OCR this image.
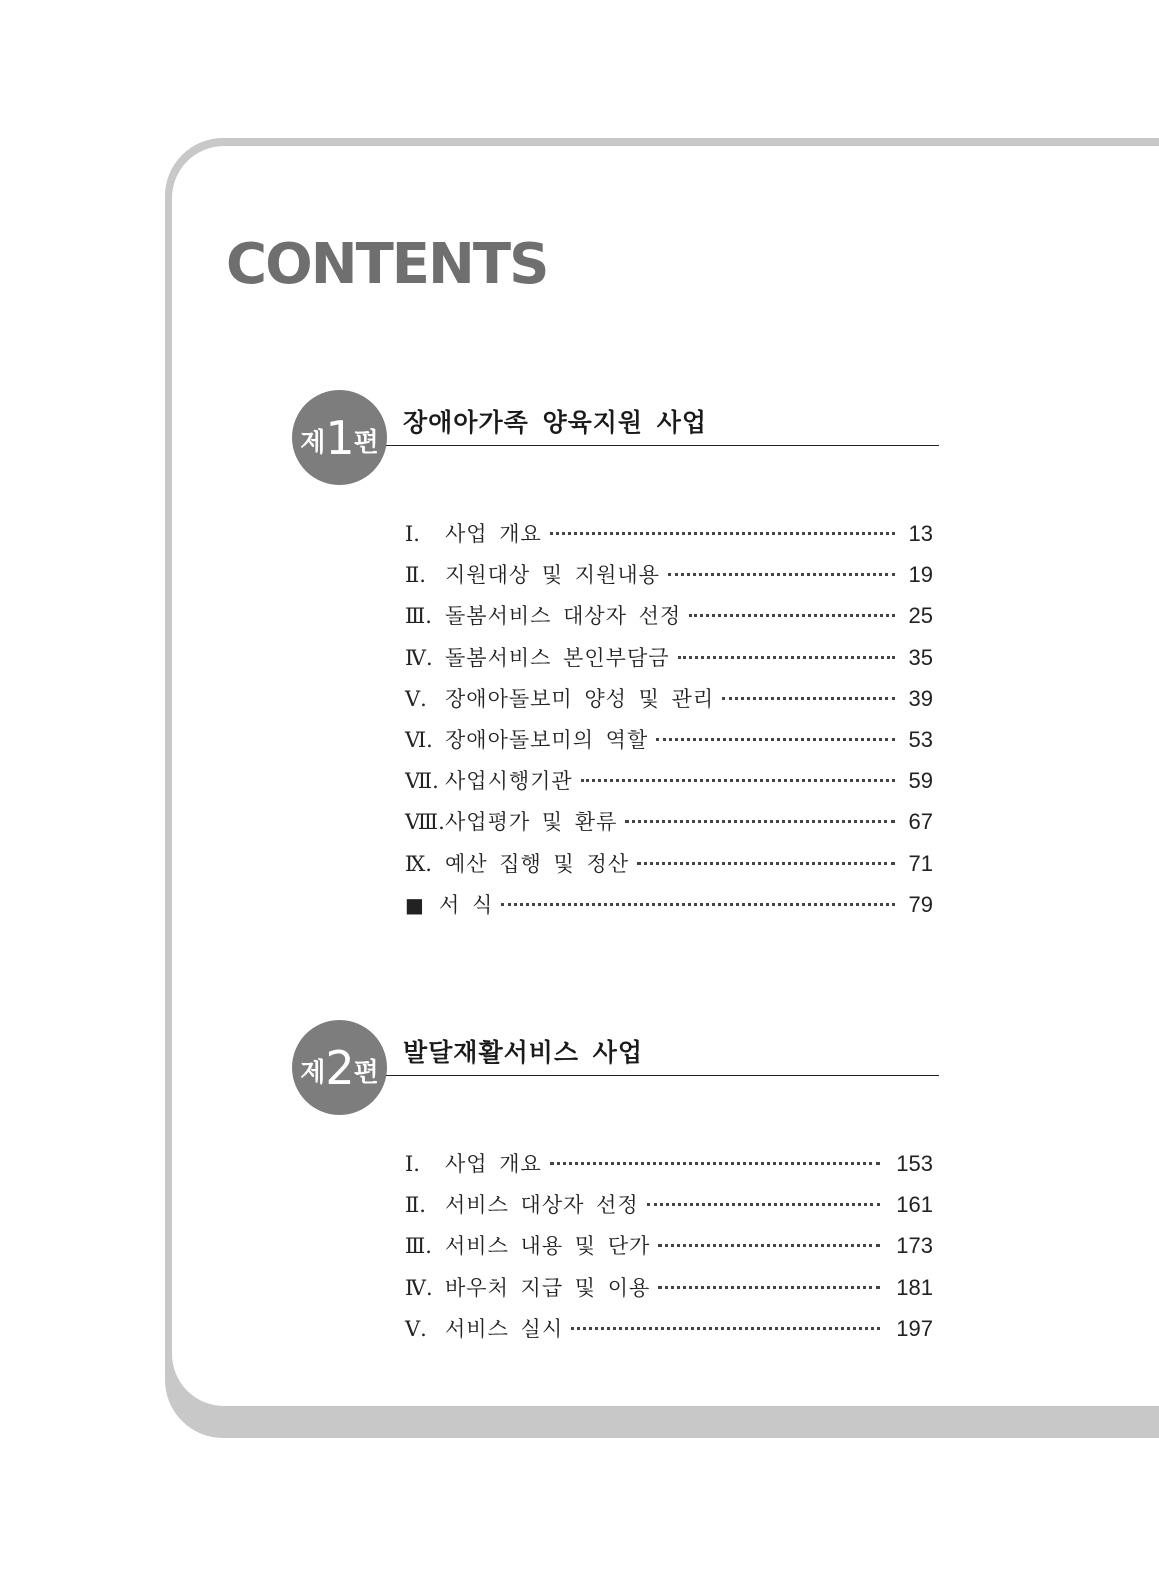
CONTENTS
제 1 편
장애아가족 양육지원 사업
Ⅰ.	사업 개요	13
Ⅱ. 지원대상 및 지원내용	19
Ⅲ. 돌봄서비스 대상자 선정	25
Ⅳ. 돌봄서비스 본인부담금	35
Ⅴ. 장애아돌보미 양성 및 관리	39
Ⅵ. 장애아돌보미의 역할	53
Ⅶ. 사업시행기관	59
Ⅷ. 사업평가 및 환류	67
Ⅸ. 예산 집행 및 정산	71
■ 서 식	79
제 2 편
발달재활서비스 사업
Ⅰ.	사업 개요	153
Ⅱ. 서비스 대상자 선정	161
Ⅲ. 서비스 내용 및 단가	173
Ⅳ. 바우처 지급 및 이용	181
Ⅴ. 서비스 실시	197
